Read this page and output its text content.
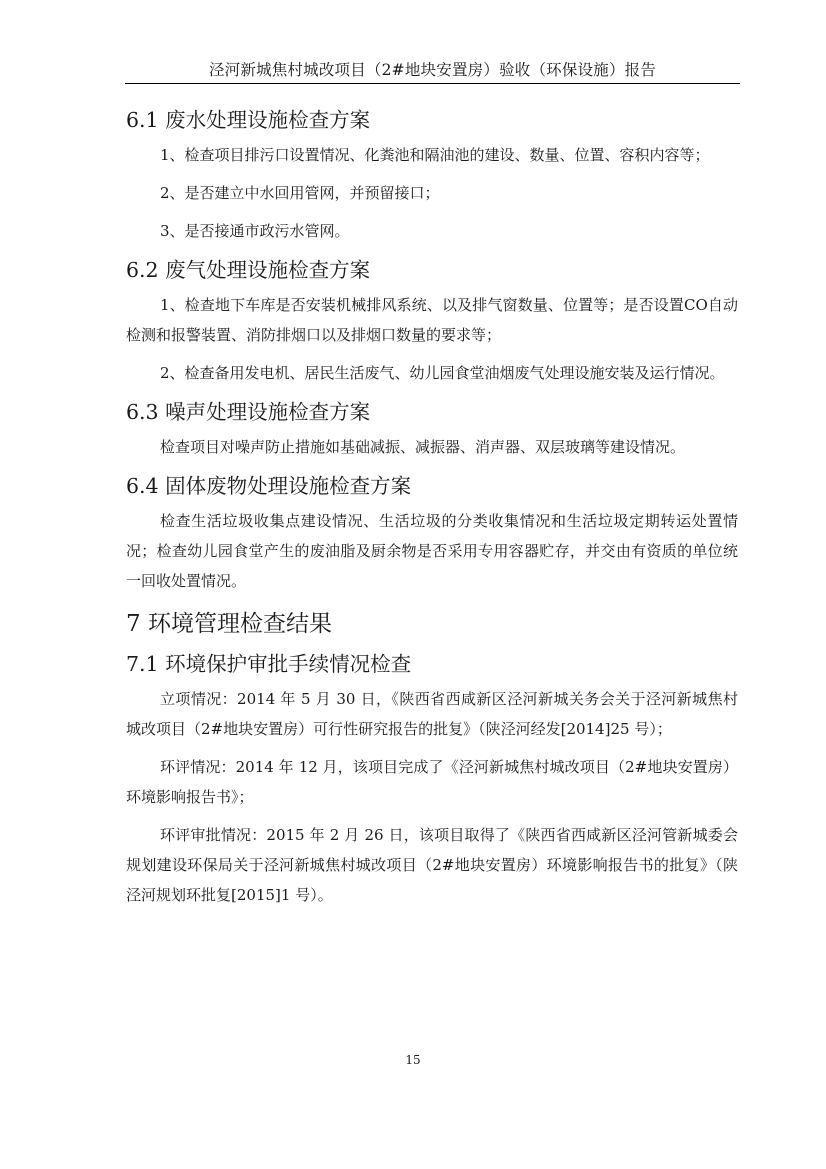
泾河新城焦村城改项目（2#地块安置房）验收（环保设施）报告
6.1 废水处理设施检查方案

1、检查项目排污口设置情况、化粪池和隔油池的建设、数量、位置、容积内容等；

2、是否建立中水回用管网，并预留接口；

3、是否接通市政污水管网。

6.2 废气处理设施检查方案

1、检查地下车库是否安装机械排风系统、以及排气窗数量、位置等；是否设置CO自动检测和报警装置、消防排烟口以及排烟口数量的要求等；

2、检查备用发电机、居民生活废气、幼儿园食堂油烟废气处理设施安装及运行情况。

6.3 噪声处理设施检查方案

检查项目对噪声防止措施如基础减振、减振器、消声器、双层玻璃等建设情况。

6.4 固体废物处理设施检查方案

检查生活垃圾收集点建设情况、生活垃圾的分类收集情况和生活垃圾定期转运处置情况；检查幼儿园食堂产生的废油脂及厨余物是否采用专用容器贮存，并交由有资质的单位统一回收处置情况。

7 环境管理检查结果
7.1 环境保护审批手续情况检查

立项情况：2014 年 5 月 30 日，《陕西省西咸新区泾河新城关务会关于泾河新城焦村城改项目（2#地块安置房）可行性研究报告的批复》（陕泾河经发[2014]25 号）；

环评情况：2014 年 12 月，该项目完成了《泾河新城焦村城改项目（2#地块安置房）环境影响报告书》；

环评审批情况：2015 年 2 月 26 日，该项目取得了《陕西省西咸新区泾河管新城委会规划建设环保局关于泾河新城焦村城改项目（2#地块安置房）环境影响报告书的批复》（陕泾河规划环批复[2015]1 号）。

15
